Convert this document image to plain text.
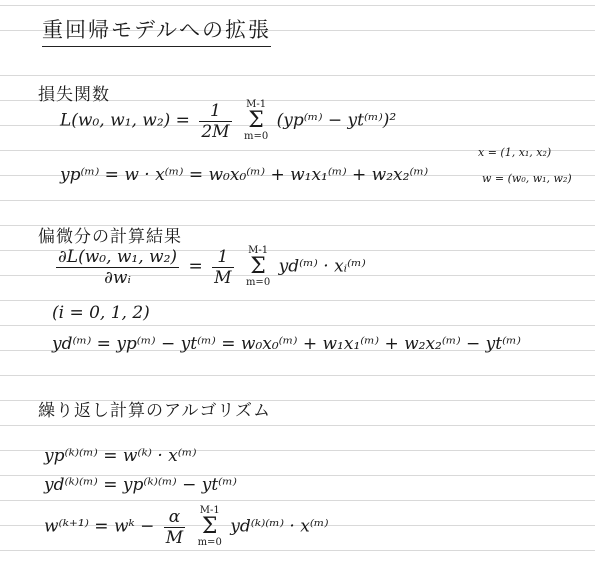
重回帰モデルへの拡張
損失関数
L(w₀, w₁, $w_2) = \frac{1}{2M}$
M-1
Σ
m=0
(yp⁽ᵐ⁾ − yt⁽ᵐ⁾)²
yp⁽ᵐ⁾ = w · x⁽ᵐ⁾ = w₀x₀⁽ᵐ⁾ + w₁x₁⁽ᵐ⁾ + w₂x₂⁽ᵐ⁾
x = (1, x₁, x₂)
w = (w₀, w₁, w₂)
偏微分の計算結果
$\frac{\text{∂L(w₀, w₁, w₂)}}{\text{∂wᵢ}} = \frac{1}{M}$
M-1
Σ
m=0
yd⁽ᵐ⁾ · xᵢ⁽ᵐ⁾
(i = 0, 1, 2)
yd⁽ᵐ⁾ = yp⁽ᵐ⁾ − yt⁽ᵐ⁾ = w₀x₀⁽ᵐ⁾ + w₁x₁⁽ᵐ⁾ + w₂x₂⁽ᵐ⁾ − yt⁽ᵐ⁾
繰り返し計算のアルゴリズム
yp⁽ᵏ⁾⁽ᵐ⁾ = w⁽ᵏ⁾ · x⁽ᵐ⁾
yd⁽ᵏ⁾⁽ᵐ⁾ = yp⁽ᵏ⁾⁽ᵐ⁾ − yt⁽ᵐ⁾
w⁽ᵏ⁺¹⁾ = wᵏ − $\frac{\alpha}{M}$
M-1
Σ
m=0
yd⁽ᵏ⁾⁽ᵐ⁾ · x⁽ᵐ⁾
